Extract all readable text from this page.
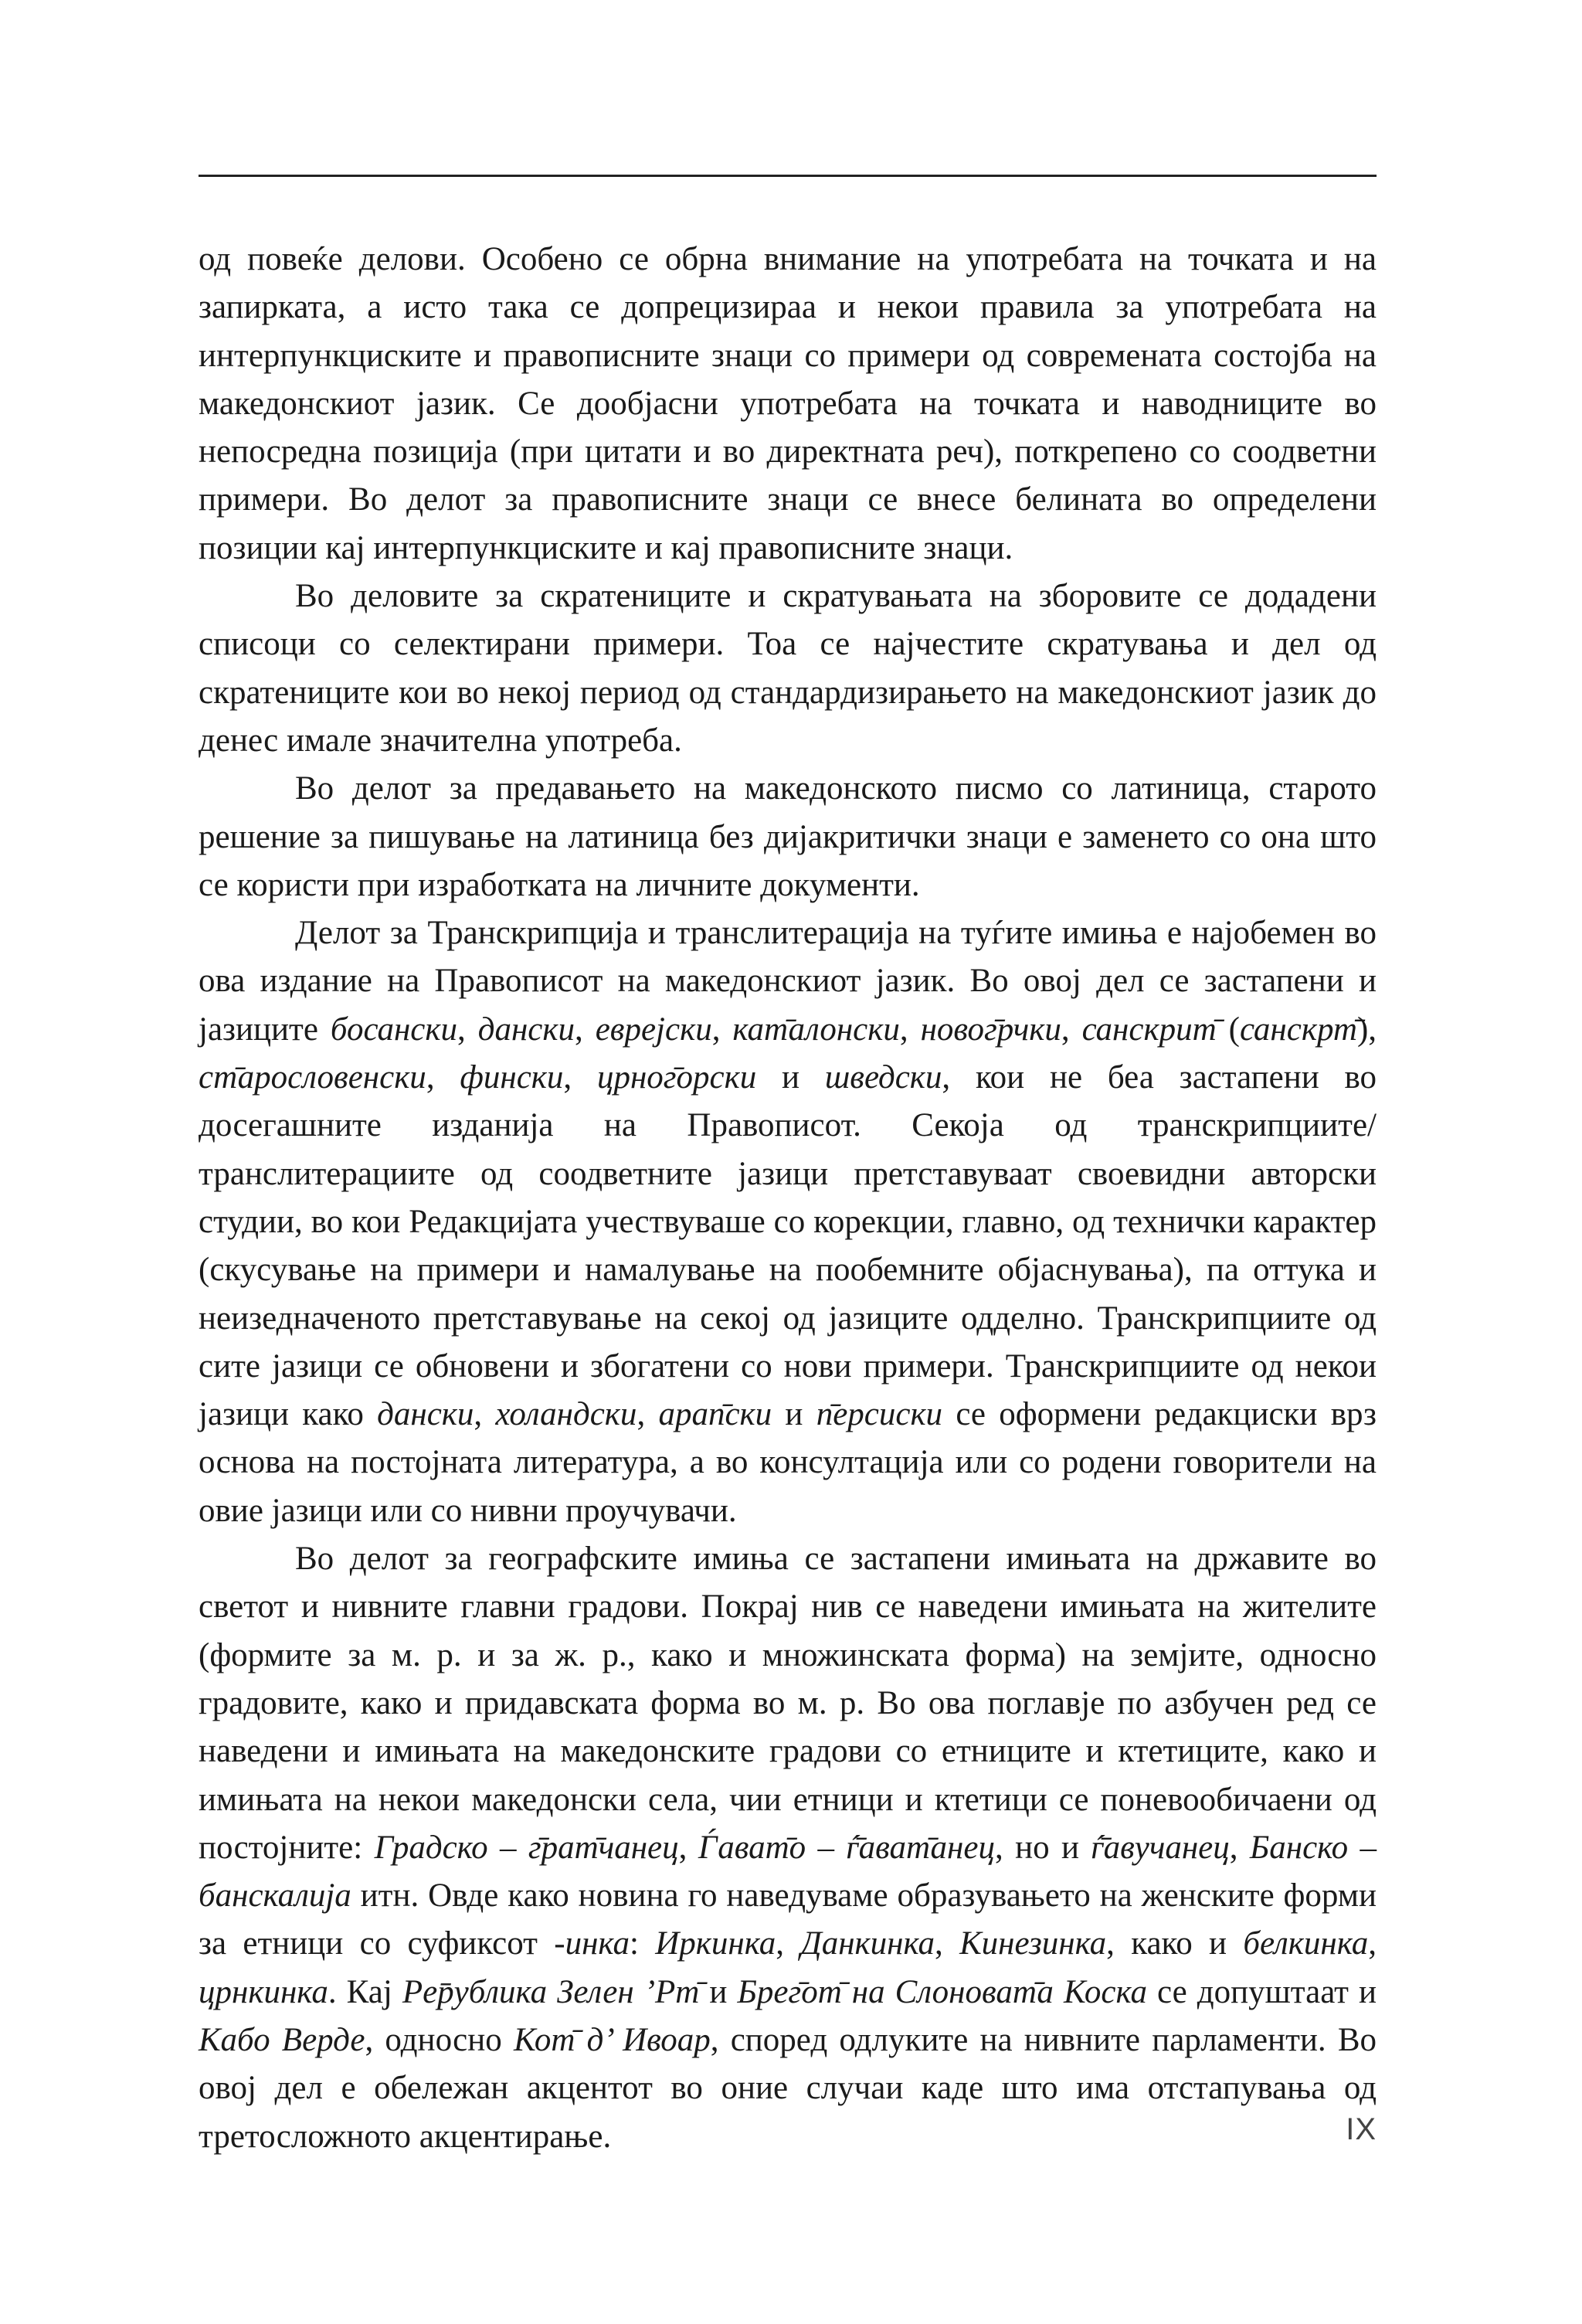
од повеќе делови. Особено се обрна внимание на употребата на точката и на запирката, а исто така се допрецизираа и некои правила за употребата на интерпункциските и правописните знаци со примери од современата состојба на македонскиот јазик. Се дообјасни употребата на точката и наводниците во непосредна позиција (при цитати и во директната реч), поткрепено со соодветни примери. Во делот за правописните знаци се внесе белината во определени позиции кај интерпункциските и кај правописните знаци.

Во деловите за скратениците и скратувањата на зборовите се додадени списоци со селектирани примери. Тоа се најчестите скратувања и дел од скратениците кои во некој период од стандардизирањето на македонскиот јазик до денес имале значителна употреба.

Во делот за предавањето на македонското писмо со латиница, старото решение за пишување на латиница без дијакритички знаци е заменето со она што се користи при изработката на личните документи.

Делот за Транскрипција и транслитерација на туѓите имиња е најобемен во ова издание на Правописот на македонскиот јазик. Во овој дел се застапени и јазиците босански, дански, еврејски, кат̄алонски, новог̄рчки, санскрит̄ (санскрт̄), ст̄арословенски, фински, црног̄орски и шведски, кои не беа застапени во досегашните изданија на Правописот. Секоја од транскрипциите/транслитерациите од соодветните јазици претставуваат своевидни авторски студии, во кои Редакцијата учествуваше со корекции, главно, од технички карактер (скусување на примери и намалување на пообемните објаснувања), па оттука и неизедначеното претставување на секој од јазиците одделно. Транскрипциите од сите јазици се обновени и збогатени со нови примери. Транскрипциите од некои јазици како дански, холандски, арап̄ски и п̄ерсиски се оформени редакциски врз основа на постојната литература, а во консултација или со родени говорители на овие јазици или со нивни проучувачи.

Во делот за географските имиња се застапени имињата на државите во светот и нивните главни градови. Покрај нив се наведени имињата на жителите (формите за м. р. и за ж. р., како и множинската форма) на земјите, односно градовите, како и придавската форма во м. р. Во ова поглавје по азбучен ред се наведени и имињата на македонските градови со етниците и ктетиците, како и имињата на некои македонски села, чии етници и ктетици се поневообичаени од постојните: Градско – г̄рат̄чанец, Ѓават̄о – ѓ̄ават̄анец, но и ѓ̄авучанец, Банско – банскалија итн. Овде како новина го наведуваме образувањето на женските форми за етници со суфиксот -инка: Иркинка, Данкинка, Кинезинка, како и белкинка, црнкинка. Кај Рep̄ублика Зелен ’Рт̄ и Брег̄от̄ на Слоноват̄а Коска се допуштаат и Кабо Верде, односно Кот̄ д’ Ивоар, според одлуките на нивните парламенти. Во овој дел е обележан акцентот во оние случаи каде што има отстапувања од третосложното акцентирање.	IX
